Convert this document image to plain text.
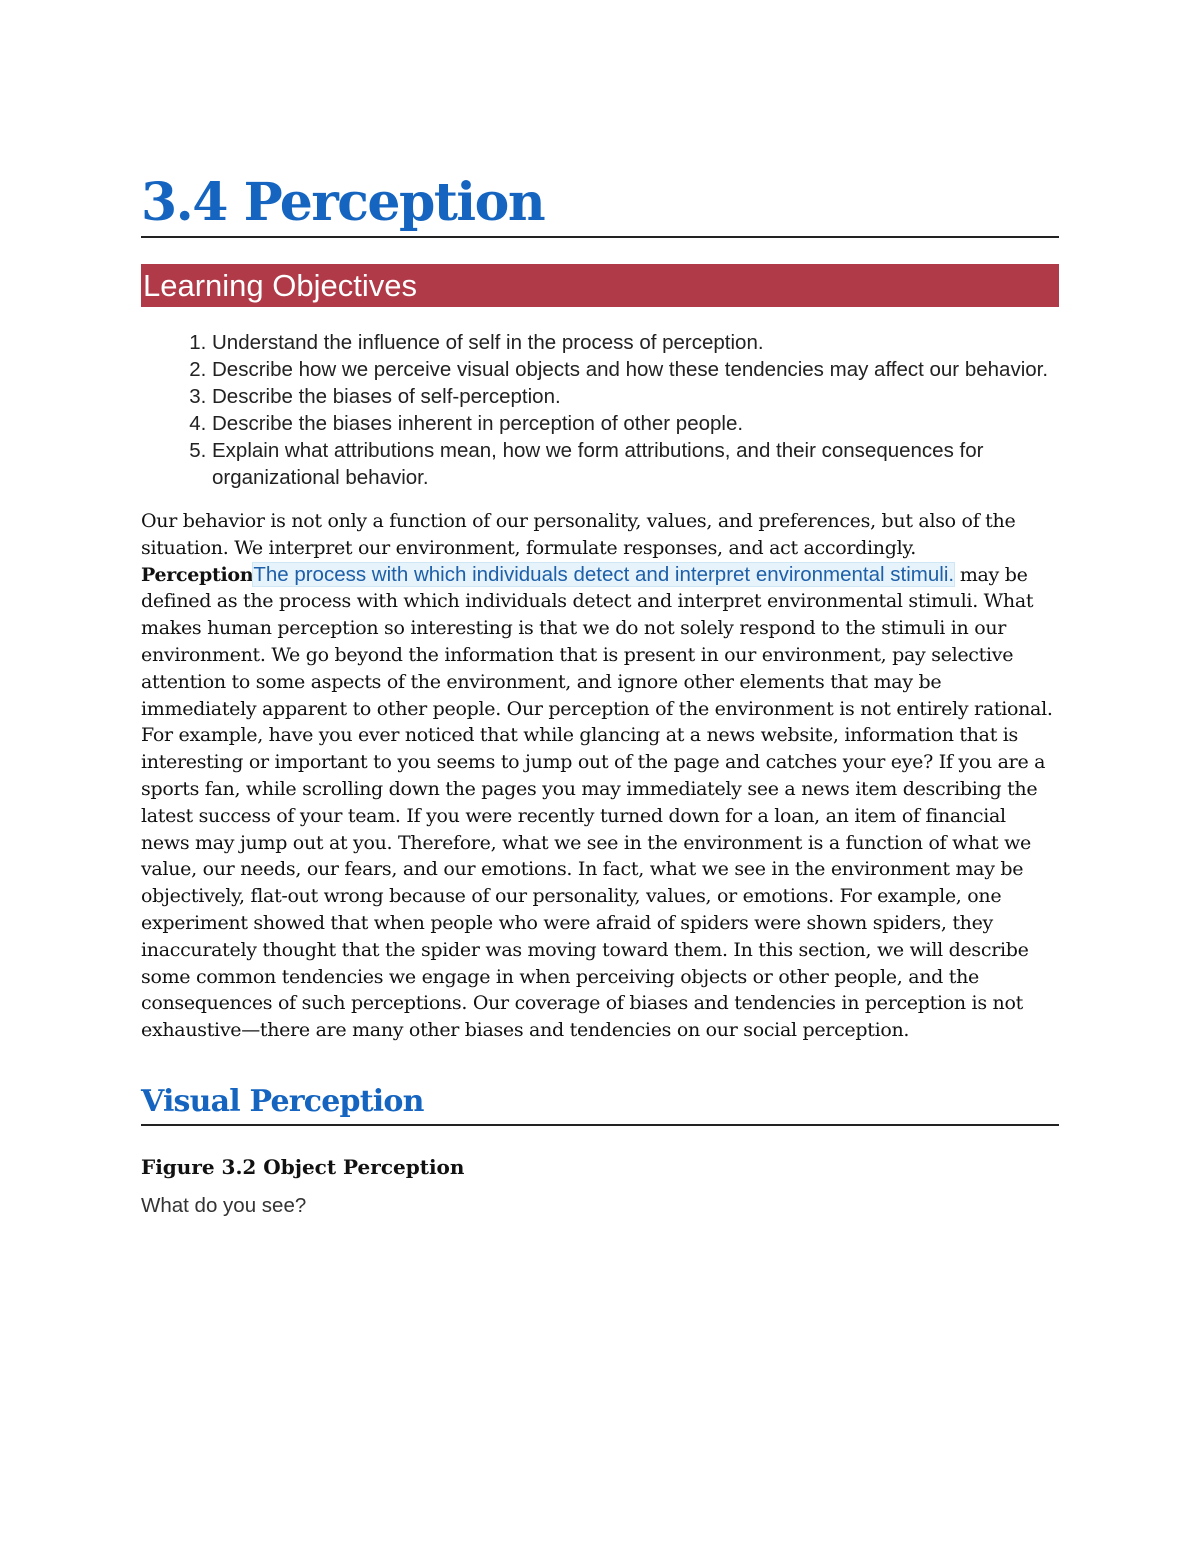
3.4 Perception
Learning Objectives
1. Understand the influence of self in the process of perception.
2. Describe how we perceive visual objects and how these tendencies may affect our behavior.
3. Describe the biases of self-perception.
4. Describe the biases inherent in perception of other people.
5. Explain what attributions mean, how we form attributions, and their consequences for organizational behavior.
Our behavior is not only a function of our personality, values, and preferences, but also of the situation. We interpret our environment, formulate responses, and act accordingly. PerceptionThe process with which individuals detect and interpret environmental stimuli. may be defined as the process with which individuals detect and interpret environmental stimuli. What makes human perception so interesting is that we do not solely respond to the stimuli in our environment. We go beyond the information that is present in our environment, pay selective attention to some aspects of the environment, and ignore other elements that may be immediately apparent to other people. Our perception of the environment is not entirely rational. For example, have you ever noticed that while glancing at a news website, information that is interesting or important to you seems to jump out of the page and catches your eye? If you are a sports fan, while scrolling down the pages you may immediately see a news item describing the latest success of your team. If you were recently turned down for a loan, an item of financial news may jump out at you. Therefore, what we see in the environment is a function of what we value, our needs, our fears, and our emotions. In fact, what we see in the environment may be objectively, flat-out wrong because of our personality, values, or emotions. For example, one experiment showed that when people who were afraid of spiders were shown spiders, they inaccurately thought that the spider was moving toward them. In this section, we will describe some common tendencies we engage in when perceiving objects or other people, and the consequences of such perceptions. Our coverage of biases and tendencies in perception is not exhaustive—there are many other biases and tendencies on our social perception.
Visual Perception
Figure 3.2 Object Perception
What do you see?
